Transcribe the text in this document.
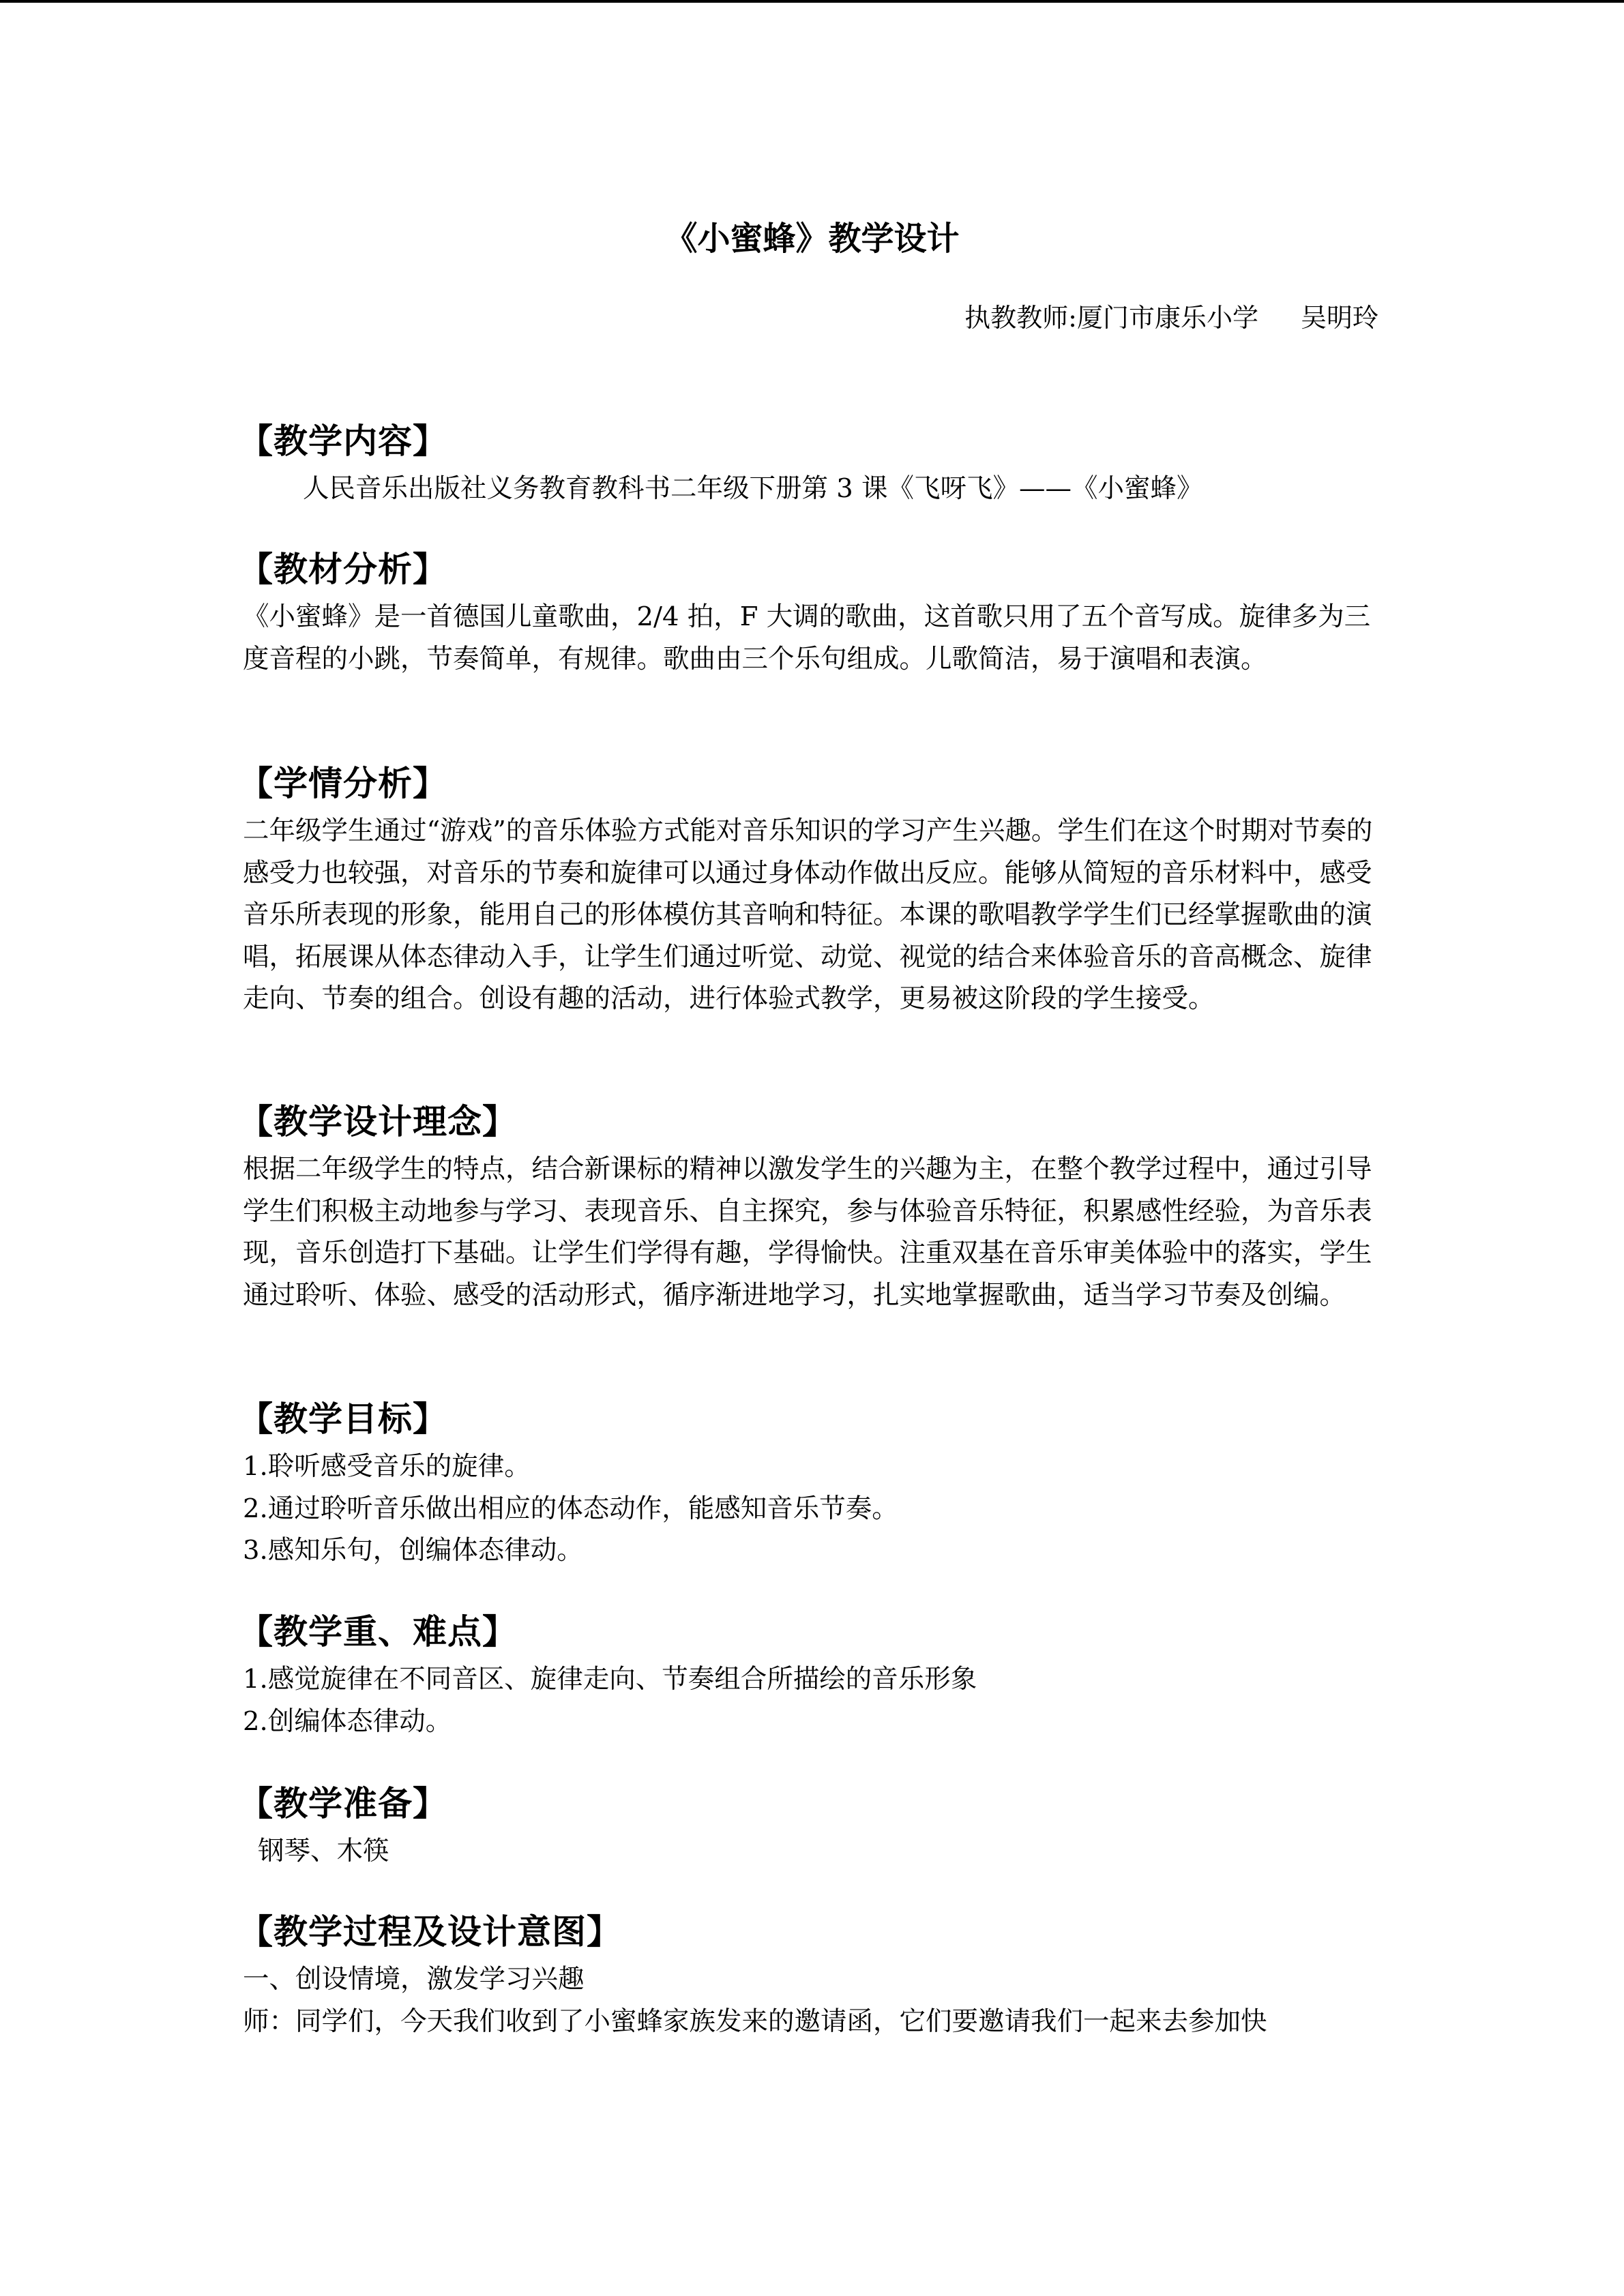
《小蜜蜂》教学设计
执教教师:厦门市康乐小学 吴明玲
【教学内容】

人民音乐出版社义务教育教科书二年级下册第 3 课《飞呀飞》——《小蜜蜂》

【教材分析】

《小蜜蜂》是一首德国儿童歌曲，2/4 拍，F 大调的歌曲，这首歌只用了五个音写成。旋律多为三度音程的小跳，节奏简单，有规律。歌曲由三个乐句组成。儿歌简洁，易于演唱和表演。

【学情分析】

二年级学生通过“游戏”的音乐体验方式能对音乐知识的学习产生兴趣。学生们在这个时期对节奏的感受力也较强，对音乐的节奏和旋律可以通过身体动作做出反应。能够从简短的音乐材料中，感受音乐所表现的形象，能用自己的形体模仿其音响和特征。本课的歌唱教学学生们已经掌握歌曲的演唱，拓展课从体态律动入手，让学生们通过听觉、动觉、视觉的结合来体验音乐的音高概念、旋律走向、节奏的组合。创设有趣的活动，进行体验式教学，更易被这阶段的学生接受。

【教学设计理念】

根据二年级学生的特点，结合新课标的精神以激发学生的兴趣为主，在整个教学过程中，通过引导学生们积极主动地参与学习、表现音乐、自主探究，参与体验音乐特征，积累感性经验，为音乐表现，音乐创造打下基础。让学生们学得有趣，学得愉快。注重双基在音乐审美体验中的落实，学生通过聆听、体验、感受的活动形式，循序渐进地学习，扎实地掌握歌曲，适当学习节奏及创编。

【教学目标】

1.聆听感受音乐的旋律。

2.通过聆听音乐做出相应的体态动作，能感知音乐节奏。

3.感知乐句，创编体态律动。

【教学重、难点】

1.感觉旋律在不同音区、旋律走向、节奏组合所描绘的音乐形象

2.创编体态律动。

【教学准备】

钢琴、木筷

【教学过程及设计意图】

一、创设情境，激发学习兴趣

师：同学们，今天我们收到了小蜜蜂家族发来的邀请函，它们要邀请我们一起来去参加快
